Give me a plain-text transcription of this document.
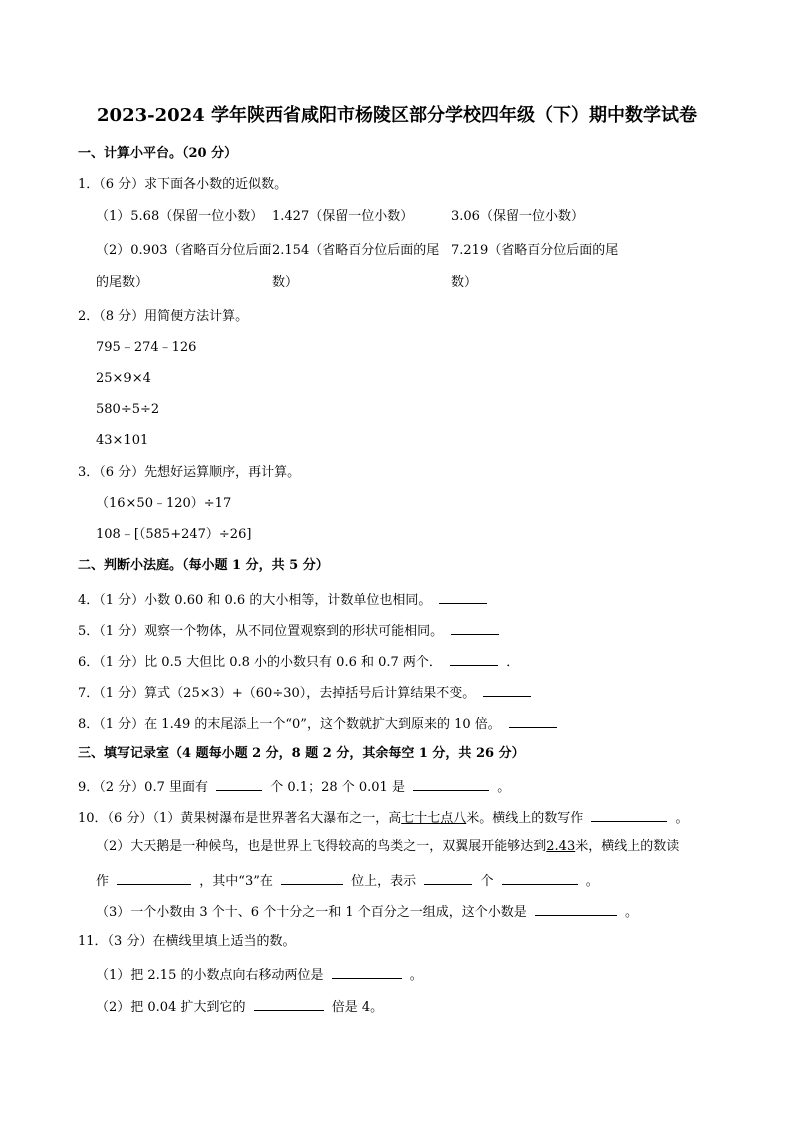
2023-2024 学年陕西省咸阳市杨陵区部分学校四年级（下）期中数学试卷
一、计算小平台。（20 分）
1．（6 分）求下面各小数的近似数。
（1）5.68（保留一位小数） 1.427（保留一位小数）	3.06（保留一位小数）
（2）0.903（省略百分位后面 2.154（省略百分位后面的尾 7.219（省略百分位后面的尾
的尾数）	数）	数）
2．（8 分）用简便方法计算。
795﹣274﹣126
25×9×4
580÷5÷2
43×101
3．（6 分）先想好运算顺序，再计算。
（16×50﹣120）÷17
108﹣[（585+247）÷26]
二、判断小法庭。（每小题 1 分，共 5 分）
4．（1 分）小数 0.60 和 0.6 的大小相等，计数单位也相同。
5．（1 分）观察一个物体，从不同位置观察到的形状可能相同。
6．（1 分）比 0.5 大但比 0.8 小的小数只有 0.6 和 0.7 两个．	．
7．（1 分）算式（25×3）+（60÷30），去掉括号后计算结果不变。
8．（1 分）在 1.49 的末尾添上一个“0”，这个数就扩大到原来的 10 倍。
三、填写记录室（4 题每小题 2 分，8 题 2 分，其余每空 1 分，共 26 分）
9．（2 分）0.7 里面有	个 0.1；28 个 0.01 是	。
10．（6 分）（1）黄果树瀑布是世界著名大瀑布之一，高七十七点八米。横线上的数写作	。
（2）大天鹅是一种候鸟，也是世界上飞得较高的鸟类之一，双翼展开能够达到2.43米，横线上的数读
作	，其中“3”在	位上，表示	个	。
（3）一个小数由 3 个十、6 个十分之一和 1 个百分之一组成，这个小数是	。
11．（3 分）在横线里填上适当的数。
（1）把 2.15 的小数点向右移动两位是	。
（2）把 0.04 扩大到它的	倍是 4。
